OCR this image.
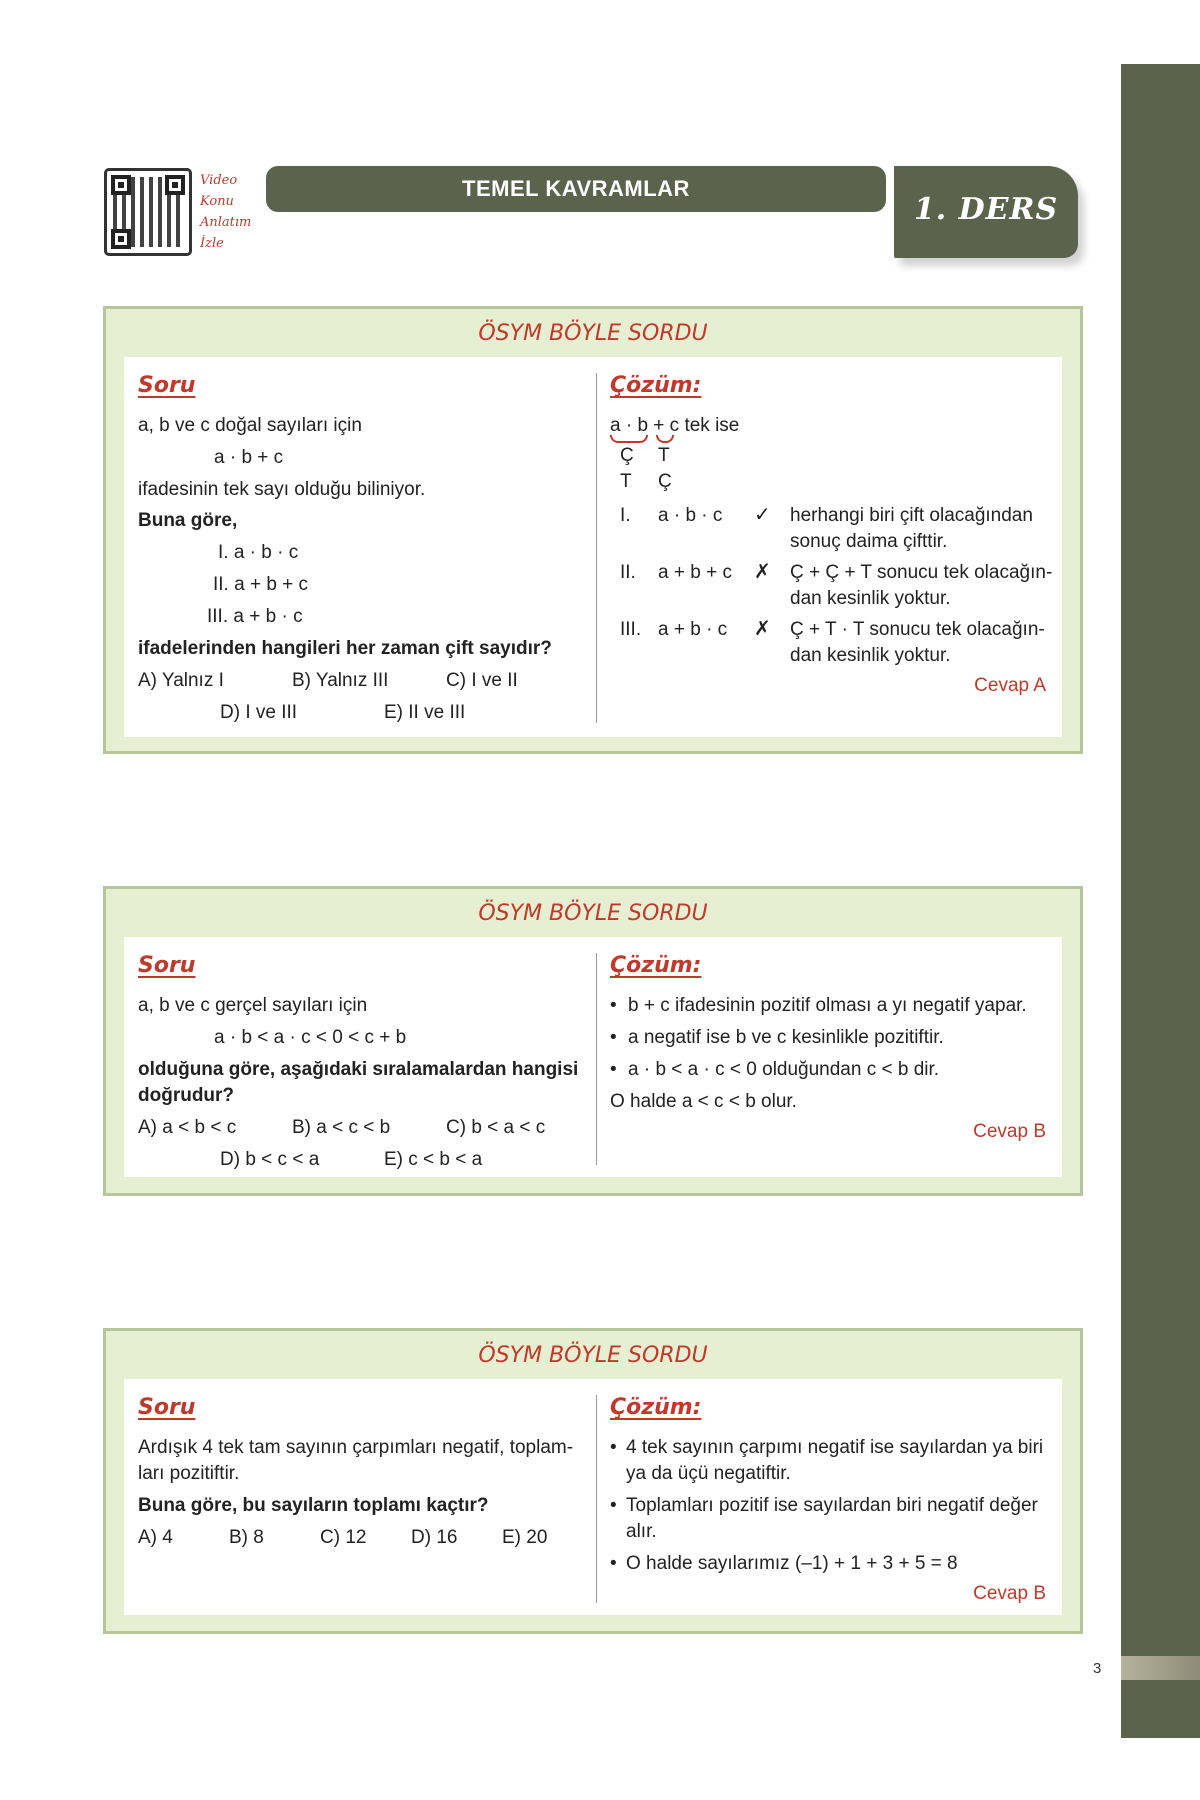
Video
Konu
Anlatım
İzle
TEMEL KAVRAMLAR
1. DERS
3
ÖSYM BÖYLE SORDU
Soru
a, b ve c doğal sayıları için
a · b + c
ifadesinin tek sayı olduğu biliniyor.
Buna göre,
I. a · b · c
II. a + b + c
III. a + b · c
ifadelerinden hangileri her zaman çift sayıdır?
A) Yalnız I	B) Yalnız III	C) I ve II
D) I ve III	E) II ve III
Çözüm:
a · b + c tek ise
Ç T
T Ç
I. a · b · c ✓ herhangi biri çift olacağından
sonuç daima çifttir.
II. a + b + c ✗ Ç + Ç + T sonucu tek olacağın-
dan kesinlik yoktur.
III. a + b · c ✗ Ç + T · T sonucu tek olacağın-
dan kesinlik yoktur.
Cevap A
ÖSYM BÖYLE SORDU
Soru
a, b ve c gerçel sayıları için
a · b < a · c < 0 < c + b
olduğuna göre, aşağıdaki sıralamalardan hangisi
doğrudur?
A) a < b < c	B) a < c < b	C) b < a < c
D) b < c < a	E) c < b < a
Çözüm:
• b + c ifadesinin pozitif olması a yı negatif yapar.
• a negatif ise b ve c kesinlikle pozitiftir.
• a · b < a · c < 0 olduğundan c < b dir.
O halde a < c < b olur.
Cevap B
ÖSYM BÖYLE SORDU
Soru
Ardışık 4 tek tam sayının çarpımları negatif, toplam-
ları pozitiftir.
Buna göre, bu sayıların toplamı kaçtır?
A) 4	B) 8	C) 12 D) 16 E) 20
Çözüm:
• 4 tek sayının çarpımı negatif ise sayılardan ya biri
ya da üçü negatiftir.
• Toplamları pozitif ise sayılardan biri negatif değer
alır.
• O halde sayılarımız (–1) + 1 + 3 + 5 = 8
Cevap B
